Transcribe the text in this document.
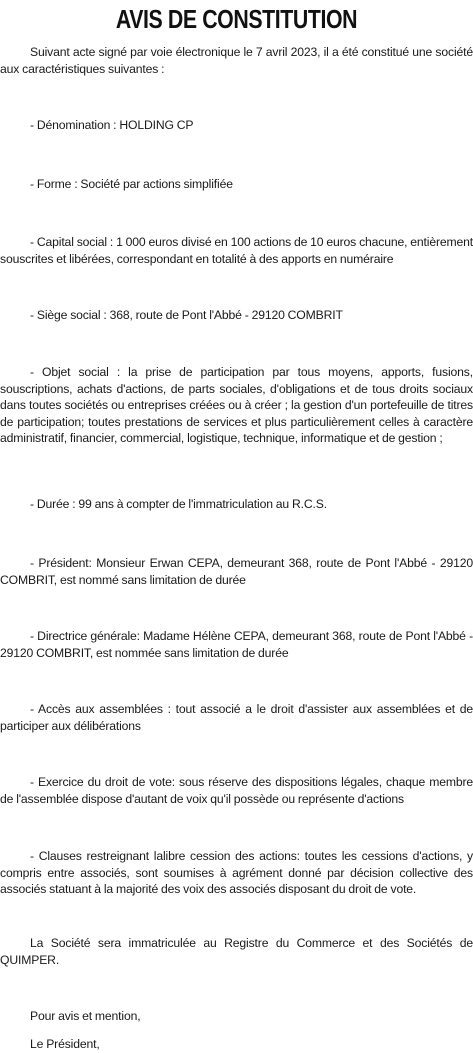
AVIS DE CONSTITUTION

Suivant acte signé par voie électronique le 7 avril 2023, il a été constitué une société aux caractéristiques suivantes :

- Dénomination : HOLDING CP

- Forme : Société par actions simplifiée

- Capital social : 1 000 euros divisé en 100 actions de 10 euros chacune, entièrement souscrites et libérées, correspondant en totalité à des apports en numéraire

- Siège social : 368, route de Pont l'Abbé - 29120 COMBRIT

- Objet social : la prise de participation par tous moyens, apports, fusions, souscriptions, achats d'actions, de parts sociales, d'obligations et de tous droits sociaux dans toutes sociétés ou entreprises créées ou à créer ; la gestion d'un portefeuille de titres de participation; toutes prestations de services et plus particulièrement celles à caractère administratif, financier, commercial, logistique, technique, informatique et de gestion ;

- Durée : 99 ans à compter de l'immatriculation au R.C.S.

- Président: Monsieur Erwan CEPA, demeurant 368, route de Pont l'Abbé - 29120 COMBRIT, est nommé sans limitation de durée

- Directrice générale: Madame Hélène CEPA, demeurant 368, route de Pont l'Abbé - 29120 COMBRIT, est nommée sans limitation de durée

- Accès aux assemblées : tout associé a le droit d'assister aux assemblées et de participer aux délibérations

- Exercice du droit de vote: sous réserve des dispositions légales, chaque membre de l'assemblée dispose d'autant de voix qu'il possède ou représente d'actions

- Clauses restreignant lalibre cession des actions: toutes les cessions d'actions, y compris entre associés, sont soumises à agrément donné par décision collective des associés statuant à la majorité des voix des associés disposant du droit de vote.

La Société sera immatriculée au Registre du Commerce et des Sociétés de QUIMPER.

Pour avis et mention,

Le Président,
